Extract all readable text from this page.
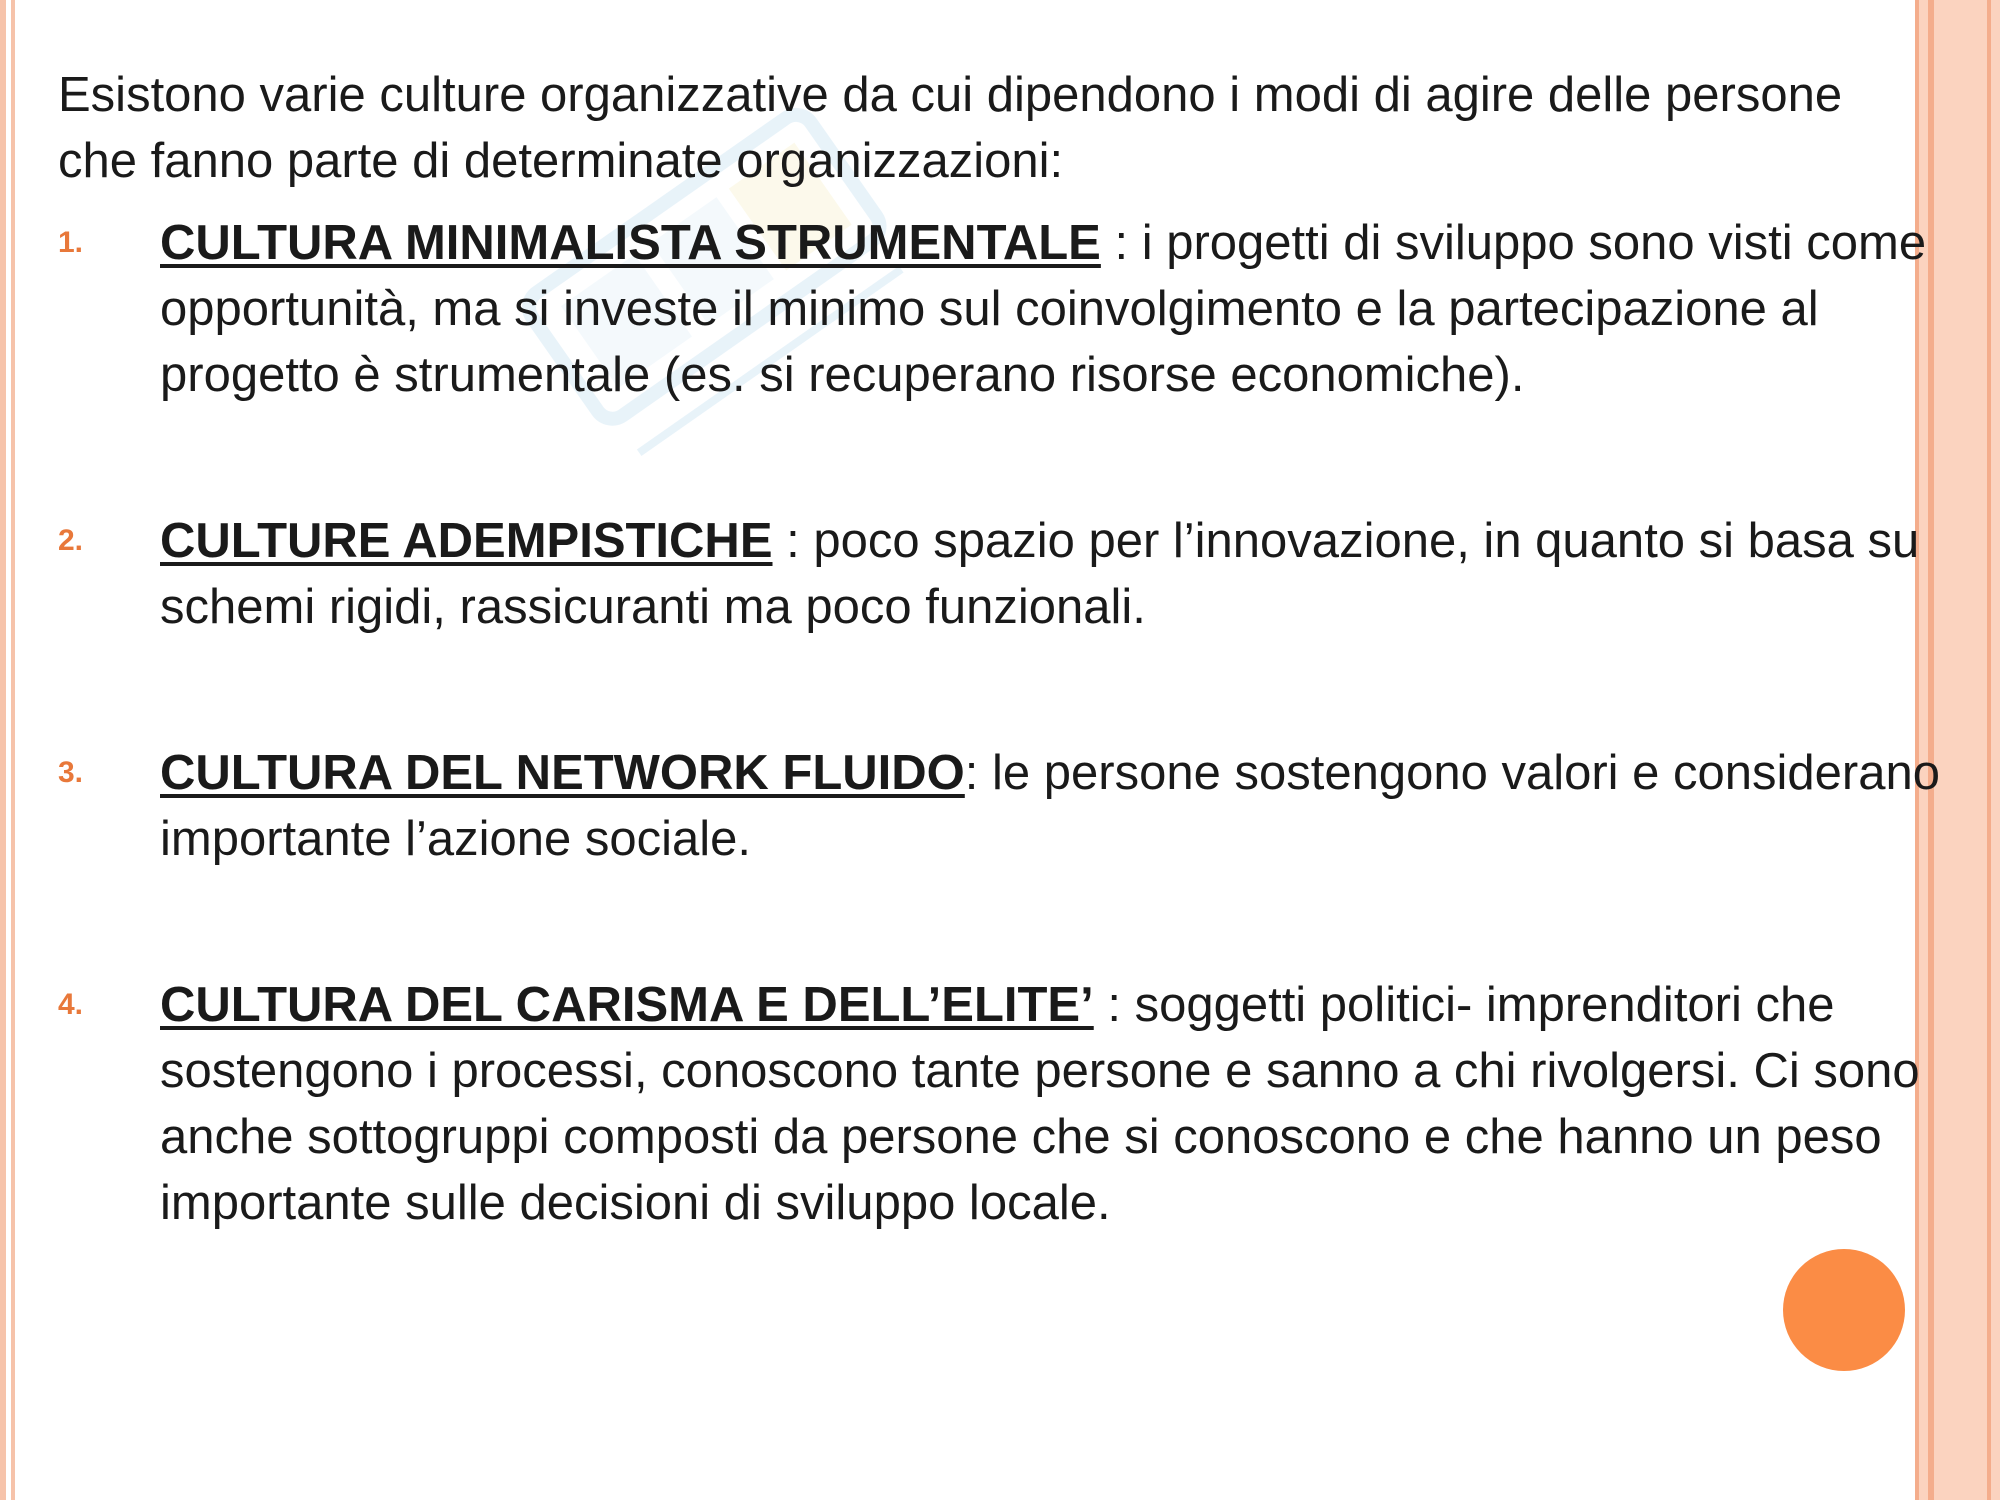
Esistono varie culture organizzative da cui dipendono i modi di agire delle persone che fanno parte di determinate organizzazioni:

1. CULTURA MINIMALISTA STRUMENTALE : i progetti di sviluppo sono visti come opportunità, ma si investe il minimo sul coinvolgimento e la partecipazione al progetto è strumentale (es. si recuperano risorse economiche).
2. CULTURE ADEMPISTICHE : poco spazio per l’innovazione, in quanto si basa su schemi rigidi, rassicuranti ma poco funzionali.
3. CULTURA DEL NETWORK FLUIDO: le persone sostengono valori e considerano importante l’azione sociale.
4. CULTURA DEL CARISMA E DELL’ELITE’ : soggetti politici- imprenditori che sostengono i processi, conoscono tante persone e sanno a chi rivolgersi. Ci sono anche sottogruppi composti da persone che si conoscono e che hanno un peso importante sulle decisioni di sviluppo locale.
